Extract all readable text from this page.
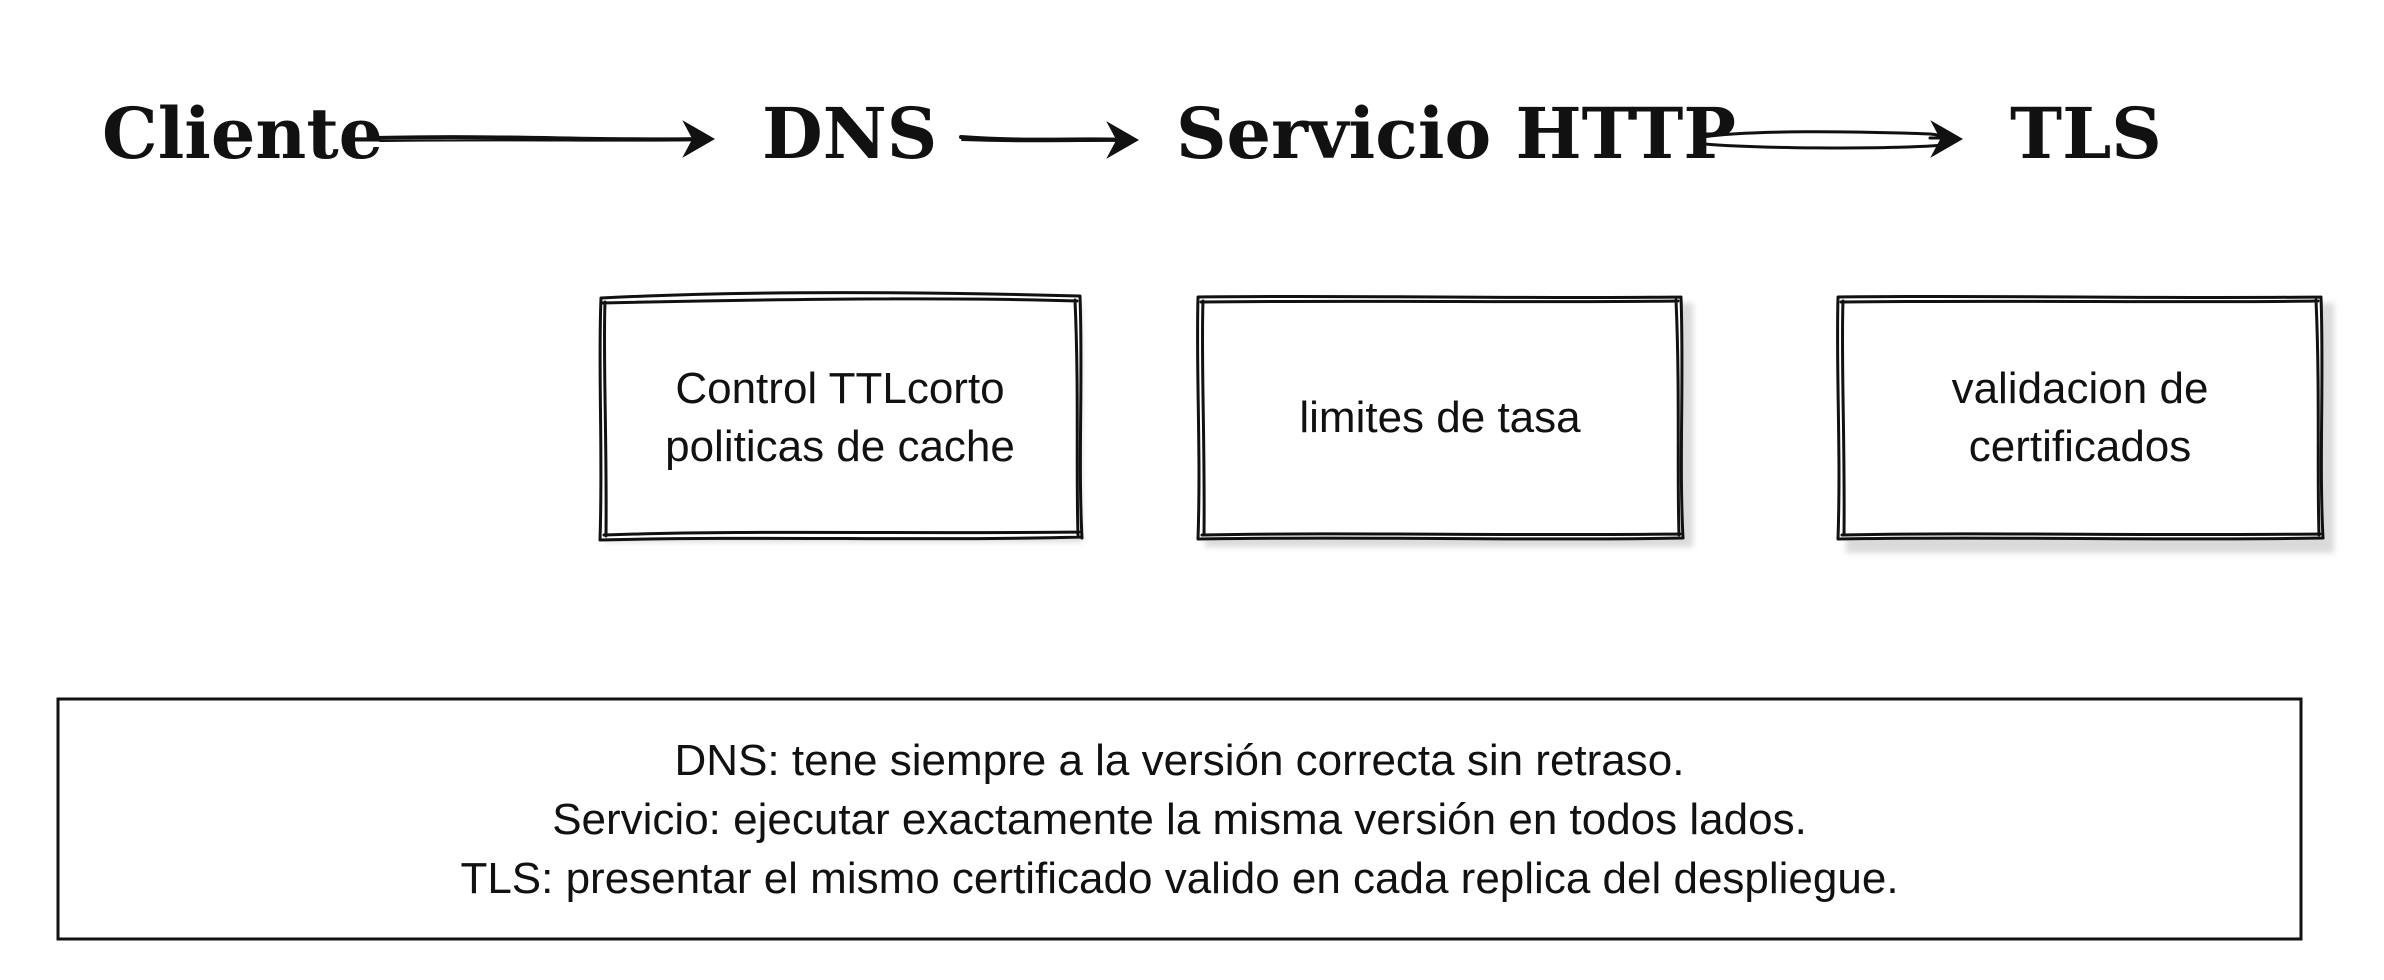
Cliente	DNS	Servicio HTTP	TLS
Control TTLcorto
politicas de cache
limites de tasa
validacion de
certificados
DNS: tene siempre a la versión correcta sin retraso.
Servicio: ejecutar exactamente la misma versión en todos lados.
TLS: presentar el mismo certificado valido en cada replica del despliegue.
